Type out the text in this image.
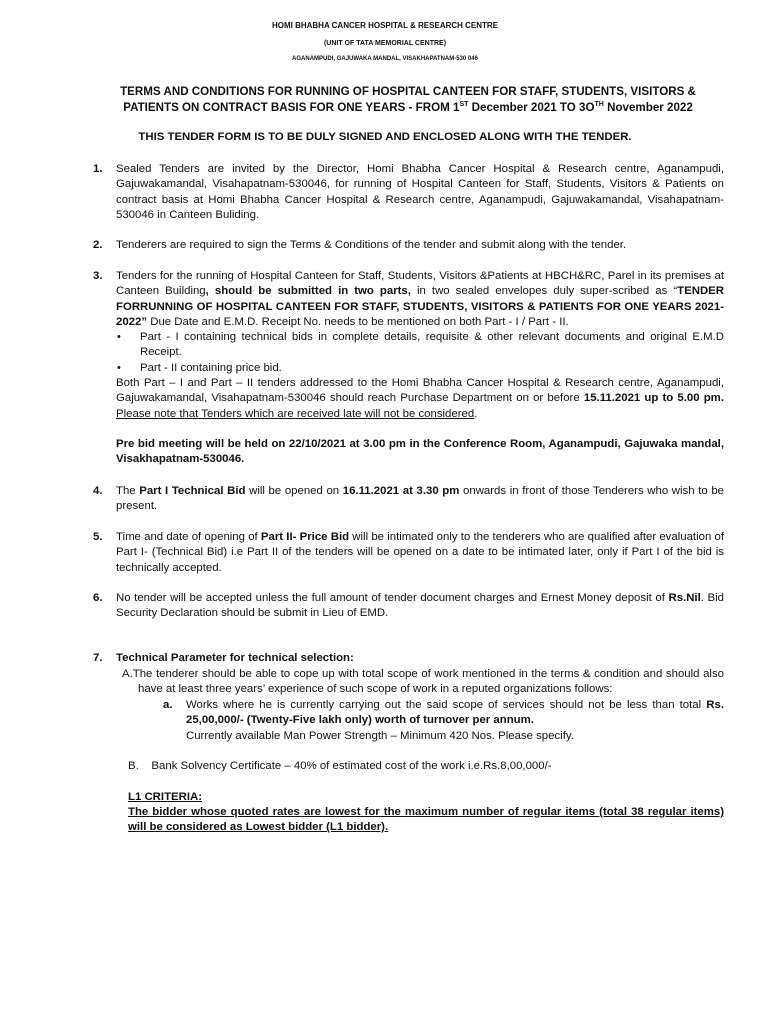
HOMI BHABHA CANCER HOSPITAL & RESEARCH CENTRE
(UNIT OF TATA MEMORIAL CENTRE)
AGANAMPUDI, GAJUWAKA MANDAL, VISAKHAPATNAM-530 046
TERMS AND CONDITIONS FOR RUNNING OF HOSPITAL CANTEEN FOR STAFF, STUDENTS, VISITORS &
PATIENTS ON CONTRACT BASIS FOR ONE YEARS - FROM 1ST December 2021 TO $3O^{TH}$ November 2022
THIS TENDER FORM IS TO BE DULY SIGNED AND ENCLOSED ALONG WITH THE TENDER.
1. Sealed Tenders are invited by the Director, Homi Bhabha Cancer Hospital & Research centre, Aganampudi, Gajuwakamandal, Visahapatnam-530046, for running of Hospital Canteen for Staff, Students, Visitors & Patients on contract basis at Homi Bhabha Cancer Hospital & Research centre, Aganampudi, Gajuwakamandal, Visahapatnam-530046 in Canteen Buliding.

2. Tenderers are required to sign the Terms & Conditions of the tender and submit along with the tender.

3. Tenders for the running of Hospital Canteen for Staff, Students, Visitors &Patients at HBCH&RC, Parel in its premises at Canteen Building, should be submitted in two parts, in two sealed envelopes duly super-scribed as “TENDER FORRUNNING OF HOSPITAL CANTEEN FOR STAFF, STUDENTS, VISITORS & PATIENTS FOR ONE YEARS 2021-2022” Due Date and E.M.D. Receipt No. needs to be mentioned on both Part - I / Part - II.

• Part - I containing technical bids in complete details, requisite & other relevant documents and original E.M.D Receipt.

• Part - II containing price bid.

Both Part – I and Part – II tenders addressed to the Homi Bhabha Cancer Hospital & Research centre, Aganampudi, Gajuwakamandal, Visahapatnam-530046 should reach Purchase Department on or before 15.11.2021 up to 5.00 pm. Please note that Tenders which are received late will not be considered.

Pre bid meeting will be held on 22/10/2021 at 3.00 pm in the Conference Room, Aganampudi, Gajuwaka mandal, Visakhapatnam-530046.

4. The Part I Technical Bid will be opened on 16.11.2021 at 3.30 pm onwards in front of those Tenderers who wish to be present.

5. Time and date of opening of Part II- Price Bid will be intimated only to the tenderers who are qualified after evaluation of Part I- (Technical Bid) i.e Part II of the tenders will be opened on a date to be intimated later, only if Part I of the bid is technically accepted.

6. No tender will be accepted unless the full amount of tender document charges and Ernest Money deposit of Rs.Nil. Bid Security Declaration should be submit in Lieu of EMD.

7. Technical Parameter for technical selection:

A.The tenderer should be able to cope up with total scope of work mentioned in the terms & condition and should also have at least three years’ experience of such scope of work in a reputed organizations follows:

a. Works where he is currently carrying out the said scope of services should not be less than total Rs. 25,00,000/- (Twenty-Five lakh only) worth of turnover per annum.

Currently available Man Power Strength – Minimum 420 Nos. Please specify.

B.    Bank Solvency Certificate – 40% of estimated cost of the work i.e.Rs.8,00,000/-

L1 CRITERIA:

The bidder whose quoted rates are lowest for the maximum number of regular items (total 38 regular items) will be considered as Lowest bidder (L1 bidder).
